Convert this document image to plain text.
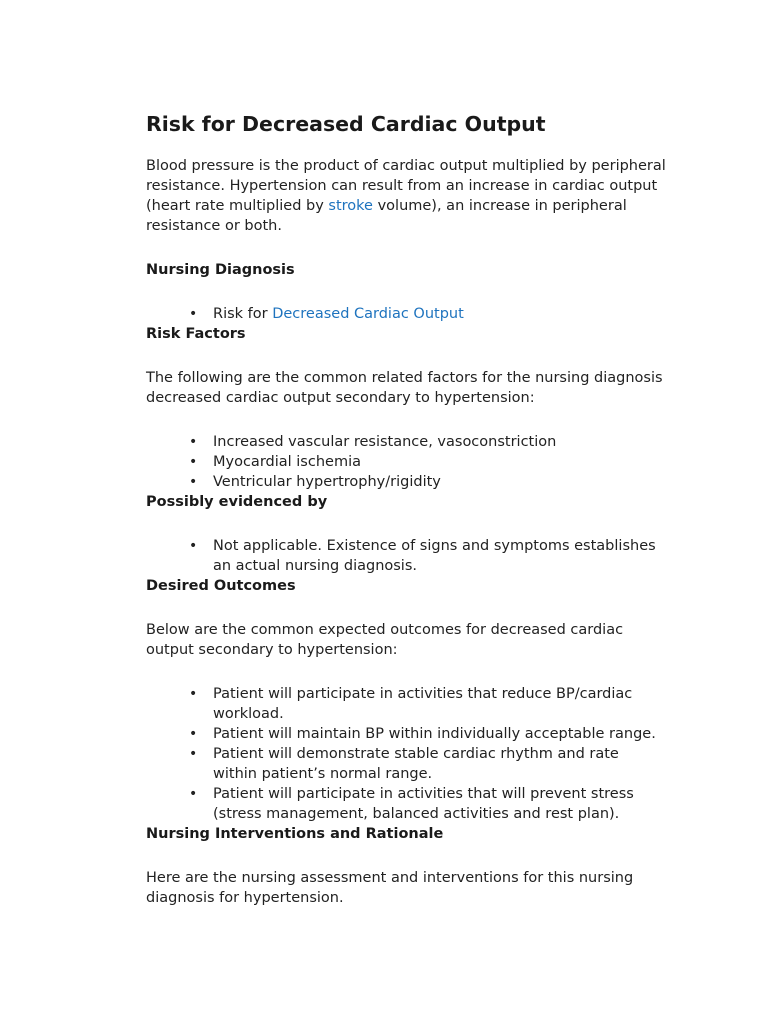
Risk for Decreased Cardiac Output

Blood pressure is the product of cardiac output multiplied by peripheral resistance. Hypertension can result from an increase in cardiac output (heart rate multiplied by stroke volume), an increase in peripheral resistance or both.

Nursing Diagnosis
• Risk for Decreased Cardiac Output
Risk Factors

The following are the common related factors for the nursing diagnosis decreased cardiac output secondary to hypertension:

• Increased vascular resistance, vasoconstriction
• Myocardial ischemia
• Ventricular hypertrophy/rigidity
Possibly evidenced by
• Not applicable. Existence of signs and symptoms establishes an actual nursing diagnosis.
Desired Outcomes

Below are the common expected outcomes for decreased cardiac output secondary to hypertension:

• Patient will participate in activities that reduce BP/cardiac workload.
• Patient will maintain BP within individually acceptable range.
• Patient will demonstrate stable cardiac rhythm and rate within patient’s normal range.
• Patient will participate in activities that will prevent stress (stress management, balanced activities and rest plan).
Nursing Interventions and Rationale

Here are the nursing assessment and interventions for this nursing diagnosis for hypertension.
